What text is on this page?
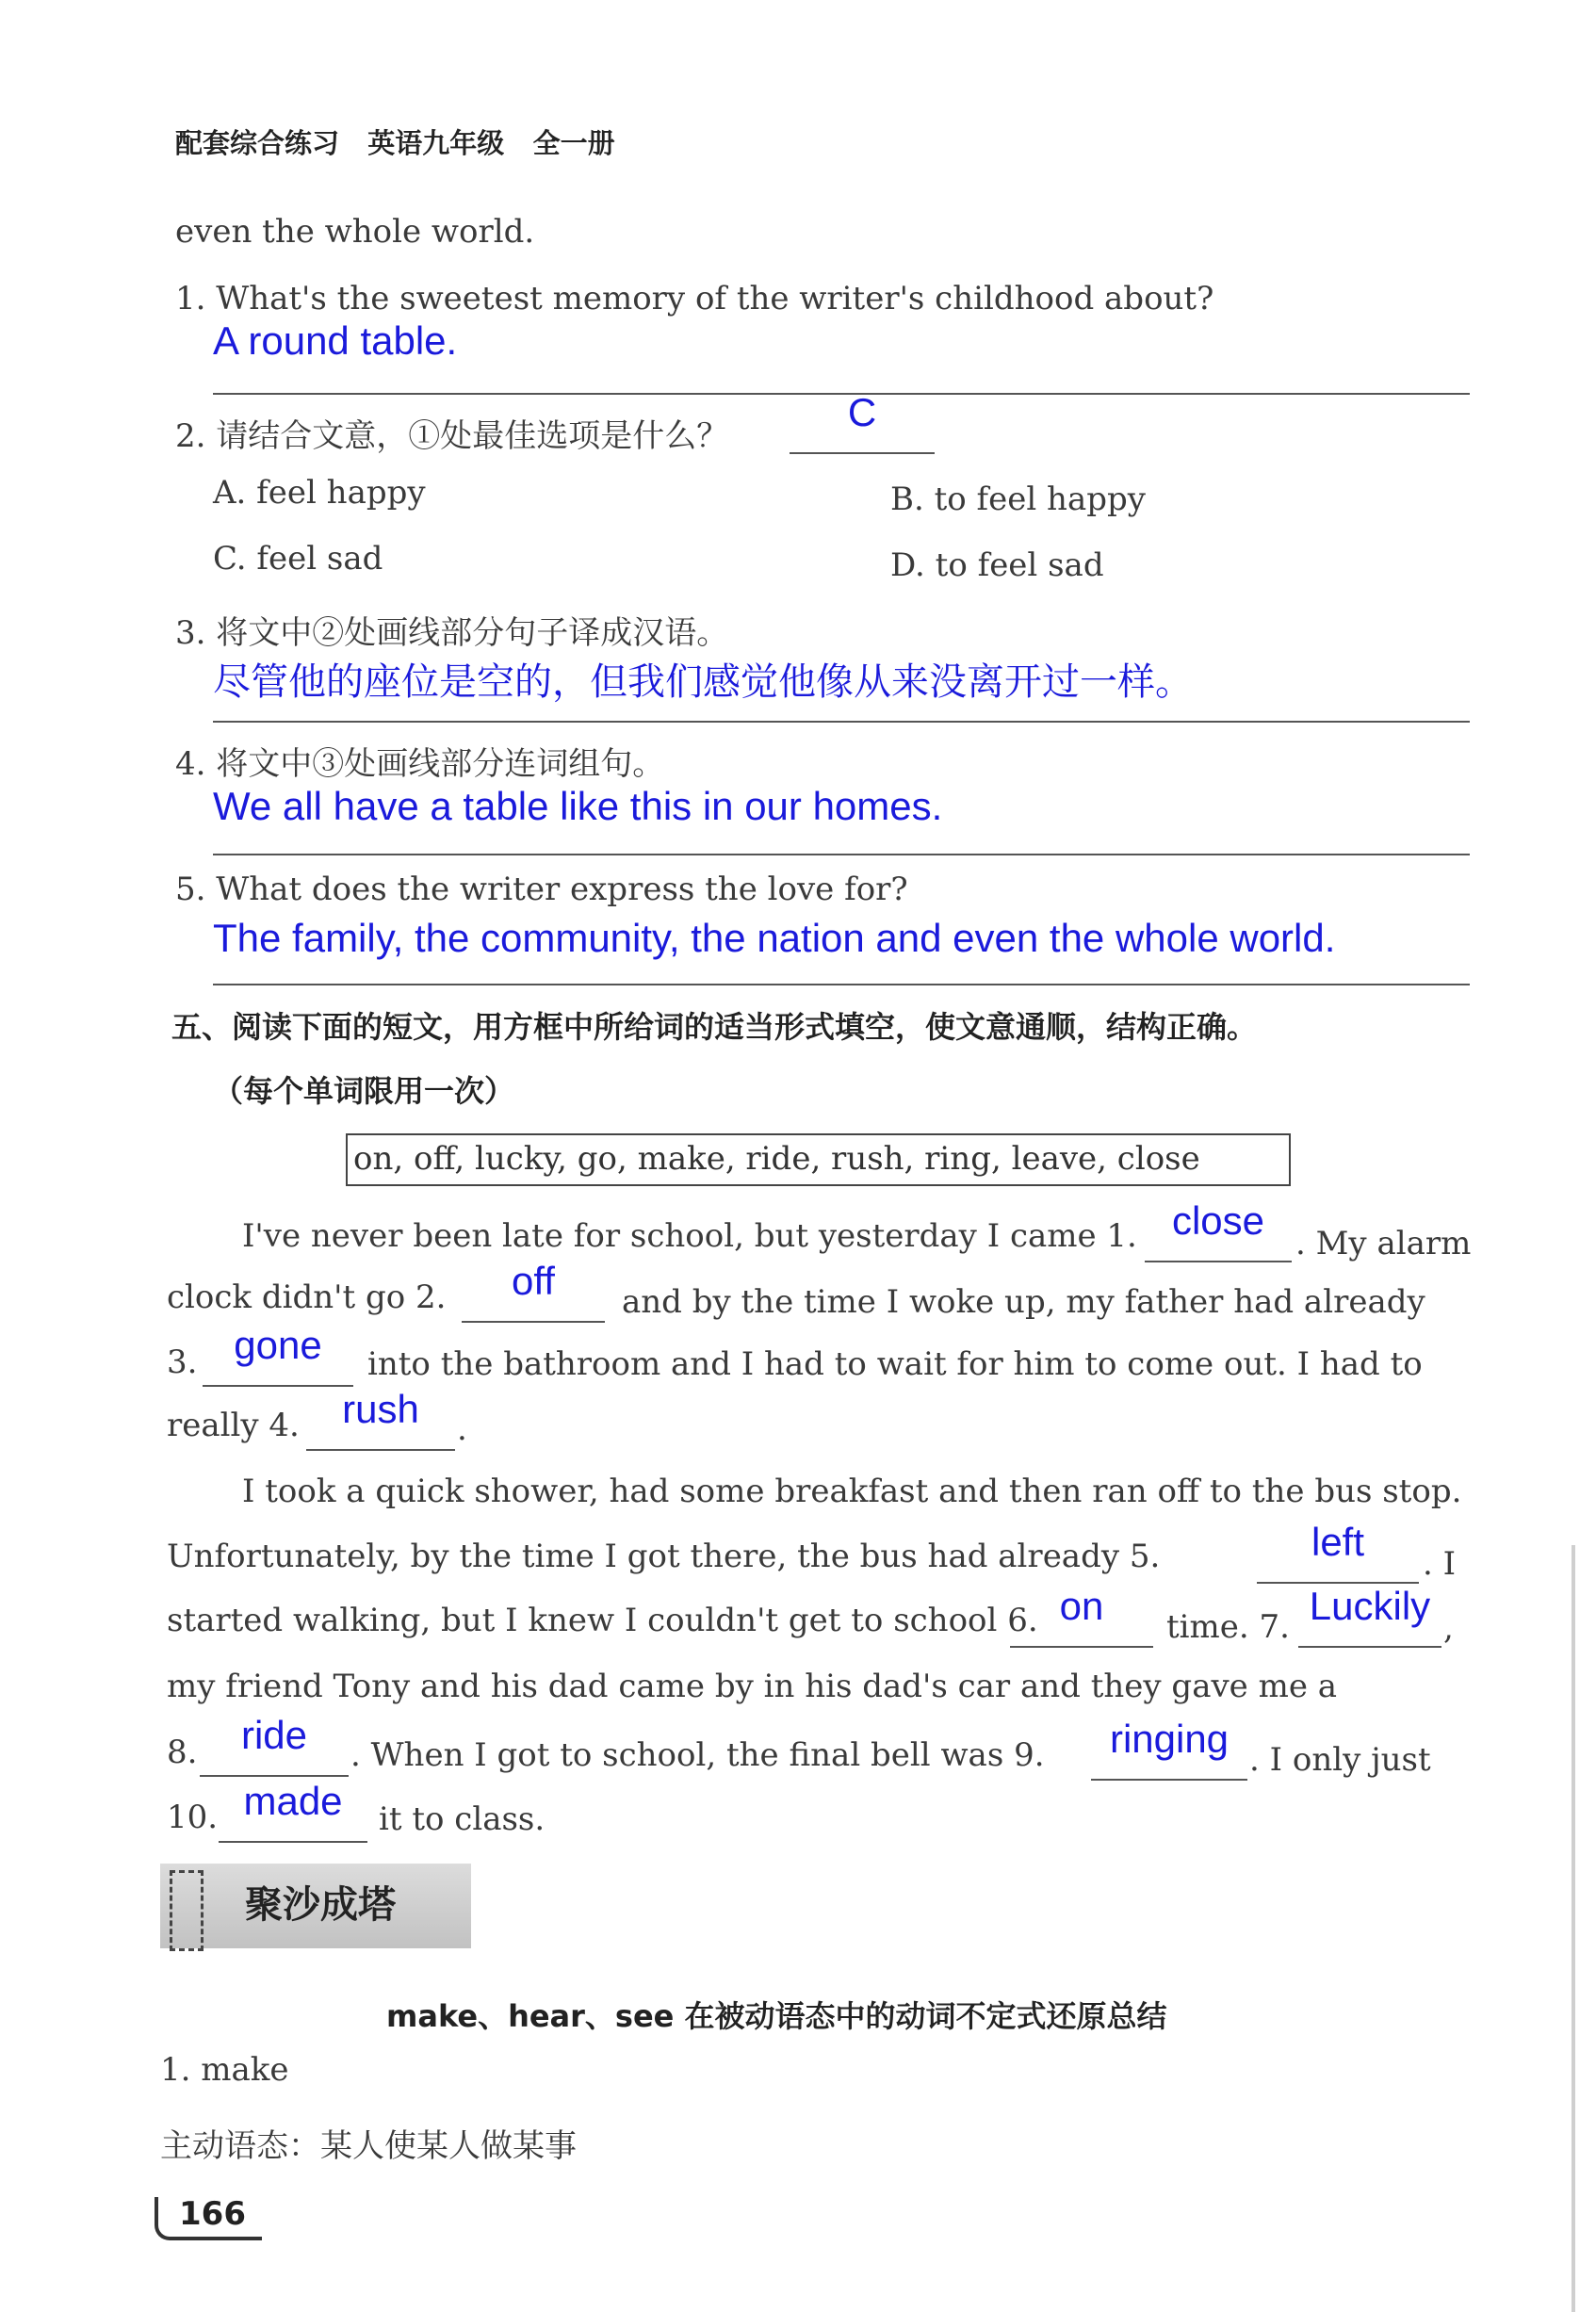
配套综合练习   英语九年级   全一册
even the whole world.
1. What's the sweetest memory of the writer's childhood about?
A round table.
2. 请结合文意，①处最佳选项是什么？
C
A. feel happy	B. to feel happy
C. feel sad	D. to feel sad
3. 将文中②处画线部分句子译成汉语。
尽管他的座位是空的，但我们感觉他像从来没离开过一样。
4. 将文中③处画线部分连词组句。
We all have a table like this in our homes.
5. What does the writer express the love for?
The family, the community, the nation and even the whole world.
五、阅读下面的短文，用方框中所给词的适当形式填空，使文意通顺，结构正确。
（每个单词限用一次）
on, off, lucky, go, make, ride, rush, ring, leave, close
I've never been late for school, but yesterday I came 1. close
. My alarm
clock didn't go 2.	off	and by the time I woke up, my father had already
3. gone	into the bathroom and I had to wait for him to come out. I had to
really 4.	rush	.
I took a quick shower, had some breakfast and then ran off to the bus stop.
Unfortunately, by the time I got there, the bus had already 5.	left	. I
started walking, but I knew I couldn't get to school 6. on	time. 7. Luckily ,
my friend Tony and his dad came by in his dad's car and they gave me a
8.	ride	. When I got to school, the final bell was 9.	ringing . I only just
10. made	it to class.
聚沙成塔
make、hear、see 在被动语态中的动词不定式还原总结
1. make
主动语态：某人使某人做某事
166
